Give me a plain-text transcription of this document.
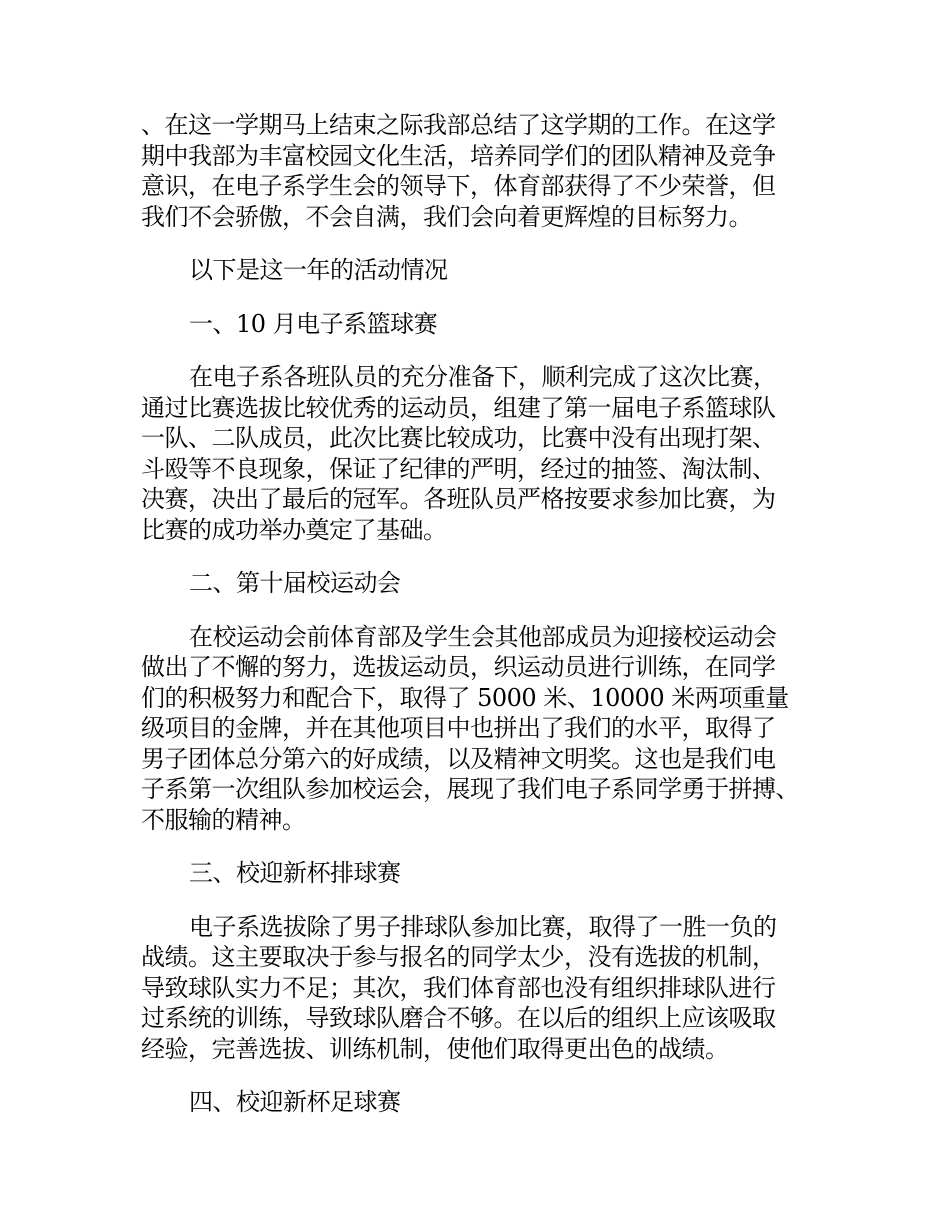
、在这一学期马上结束之际我部总结了这学期的工作。在这学
期中我部为丰富校园文化生活，培养同学们的团队精神及竞争
意识，在电子系学生会的领导下，体育部获得了不少荣誉，但
我们不会骄傲，不会自满，我们会向着更辉煌的目标努力。
以下是这一年的活动情况
一、10 月电子系篮球赛
在电子系各班队员的充分准备下，顺利完成了这次比赛，
通过比赛选拔比较优秀的运动员，组建了第一届电子系篮球队
一队、二队成员，此次比赛比较成功，比赛中没有出现打架、
斗殴等不良现象，保证了纪律的严明，经过的抽签、淘汰制、
决赛，决出了最后的冠军。各班队员严格按要求参加比赛，为
比赛的成功举办奠定了基础。
二、第十届校运动会
在校运动会前体育部及学生会其他部成员为迎接校运动会
做出了不懈的努力，选拔运动员，织运动员进行训练，在同学
们的积极努力和配合下，取得了 5000 米、10000 米两项重量
级项目的金牌，并在其他项目中也拼出了我们的水平，取得了
男子团体总分第六的好成绩，以及精神文明奖。这也是我们电
子系第一次组队参加校运会，展现了我们电子系同学勇于拼搏、
不服输的精神。
三、校迎新杯排球赛
电子系选拔除了男子排球队参加比赛，取得了一胜一负的
战绩。这主要取决于参与报名的同学太少，没有选拔的机制，
导致球队实力不足；其次，我们体育部也没有组织排球队进行
过系统的训练，导致球队磨合不够。在以后的组织上应该吸取
经验，完善选拔、训练机制，使他们取得更出色的战绩。
四、校迎新杯足球赛
